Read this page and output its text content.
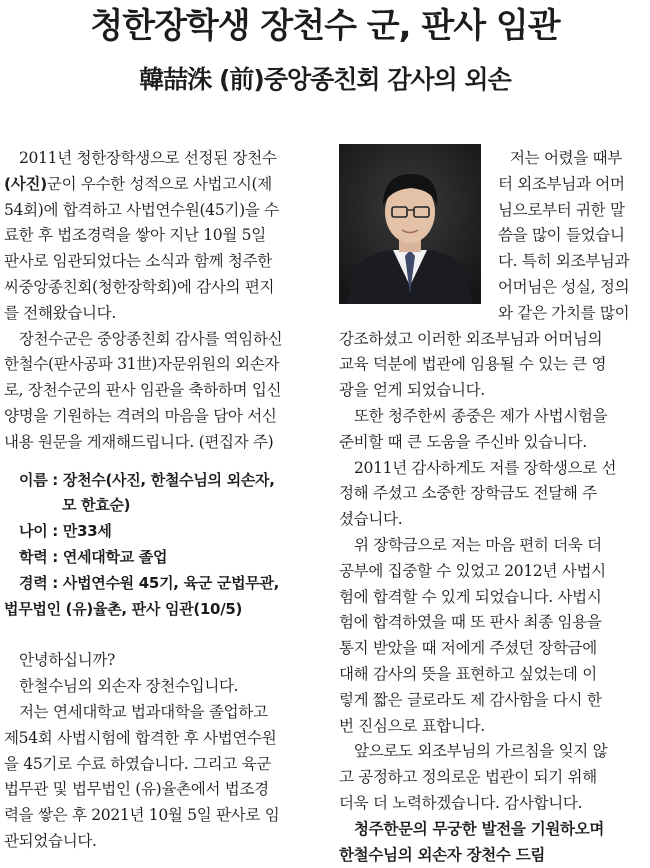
청한장학생 장천수 군, 판사 임관
韓喆洙 (前)중앙종친회 감사의 외손
2011년 청한장학생으로 선정된 장천수
(사진)군이 우수한 성적으로 사법고시(제
54회)에 합격하고 사법연수원(45기)을 수
료한 후 법조경력을 쌓아 지난 10월 5일
판사로 임관되었다는 소식과 함께 청주한
씨중앙종친회(청한장학회)에 감사의 편지
를 전해왔습니다.
장천수군은 중앙종친회 감사를 역임하신
한철수(판사공파 31世)자문위원의 외손자
로, 장천수군의 판사 임관을 축하하며 입신
양명을 기원하는 격려의 마음을 담아 서신
내용 원문을 게재해드립니다. (편집자 주)
이름 : 장천수(사진, 한철수님의 외손자,
모 한효순)
나이 : 만33세
학력 : 연세대학교 졸업
경력 : 사법연수원 45기, 육군 군법무관,
법무법인 (유)율촌, 판사 임관(10/5)
안녕하십니까?
한철수님의 외손자 장천수입니다.
저는 연세대학교 법과대학을 졸업하고
제54회 사법시험에 합격한 후 사법연수원
을 45기로 수료 하였습니다. 그리고 육군
법무관 및 법무법인 (유)율촌에서 법조경
력을 쌓은 후 2021년 10월 5일 판사로 임
관되었습니다.
저는 어렸을 때부
터 외조부님과 어머
님으로부터 귀한 말
씀을 많이 들었습니
다. 특히 외조부님과
어머님은 성실, 정의
와 같은 가치를 많이
강조하셨고 이러한 외조부님과 어머님의
교육 덕분에 법관에 임용될 수 있는 큰 영
광을 얻게 되었습니다.
또한 청주한씨 종중은 제가 사법시험을
준비할 때 큰 도움을 주신바 있습니다.
2011년 감사하게도 저를 장학생으로 선
정해 주셨고 소중한 장학금도 전달해 주
셨습니다.
위 장학금으로 저는 마음 편히 더욱 더
공부에 집중할 수 있었고 2012년 사법시
험에 합격할 수 있게 되었습니다. 사법시
험에 합격하였을 때 또 판사 최종 임용을
통지 받았을 때 저에게 주셨던 장학금에
대해 감사의 뜻을 표현하고 싶었는데 이
렇게 짧은 글로라도 제 감사함을 다시 한
번 진심으로 표합니다.
앞으로도 외조부님의 가르침을 잊지 않
고 공정하고 정의로운 법관이 되기 위해
더욱 더 노력하겠습니다. 감사합니다.
청주한문의 무궁한 발전을 기원하오며
한철수님의 외손자 장천수 드림
